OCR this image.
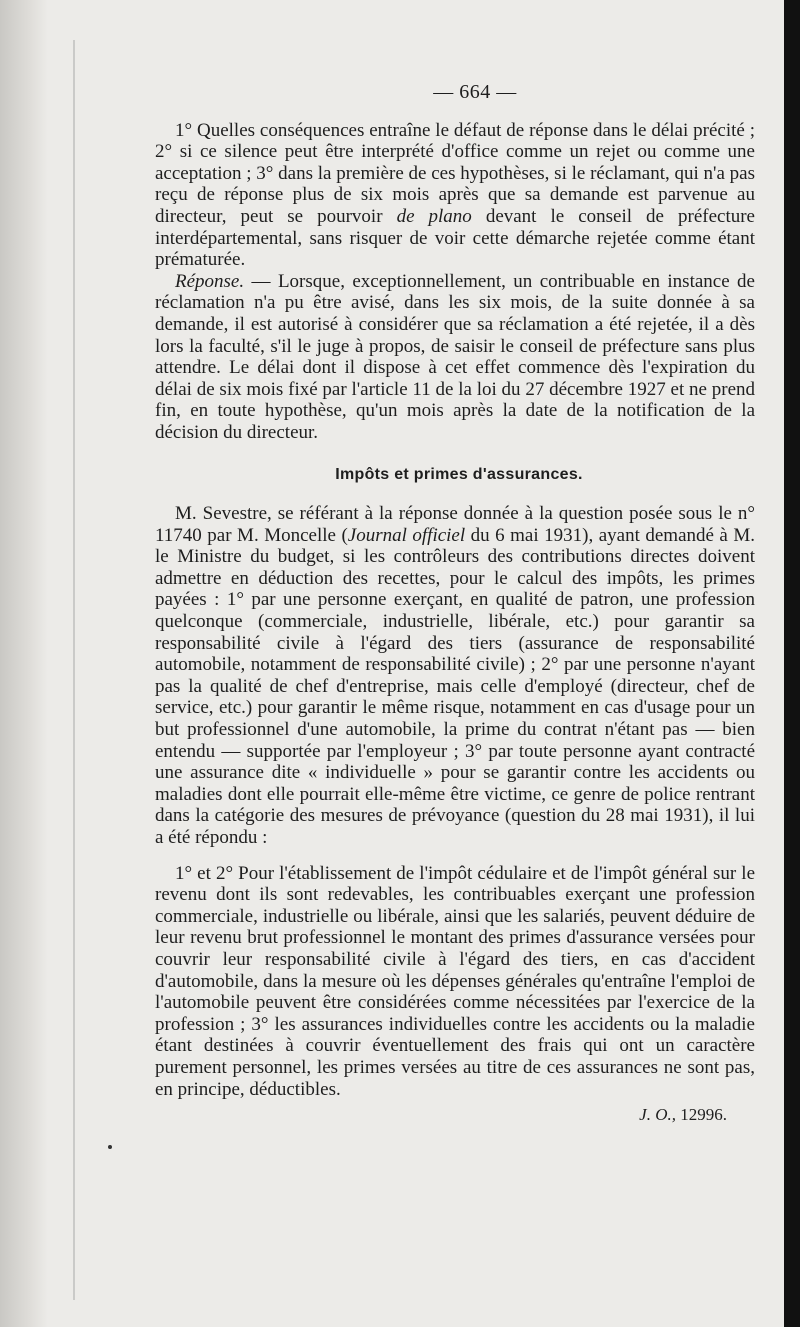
— 664 —

1° Quelles conséquences entraîne le défaut de réponse dans le délai précité ; 2° si ce silence peut être interprété d'office comme un rejet ou comme une acceptation ; 3° dans la première de ces hypothèses, si le réclamant, qui n'a pas reçu de réponse plus de six mois après que sa demande est parvenue au directeur, peut se pourvoir de plano devant le conseil de préfecture interdépartemental, sans risquer de voir cette démarche rejetée comme étant prématurée.

Réponse. — Lorsque, exceptionnellement, un contribuable en instance de réclamation n'a pu être avisé, dans les six mois, de la suite donnée à sa demande, il est autorisé à considérer que sa réclamation a été rejetée, il a dès lors la faculté, s'il le juge à propos, de saisir le conseil de préfecture sans plus attendre. Le délai dont il dispose à cet effet commence dès l'expiration du délai de six mois fixé par l'article 11 de la loi du 27 décembre 1927 et ne prend fin, en toute hypothèse, qu'un mois après la date de la notification de la décision du directeur.

Impôts et primes d'assurances.

M. Sevestre, se référant à la réponse donnée à la question posée sous le n° 11740 par M. Moncelle (Journal officiel du 6 mai 1931), ayant demandé à M. le Ministre du budget, si les contrôleurs des contributions directes doivent admettre en déduction des recettes, pour le calcul des impôts, les primes payées : 1° par une personne exerçant, en qualité de patron, une profession quelconque (commerciale, industrielle, libérale, etc.) pour garantir sa responsabilité civile à l'égard des tiers (assurance de responsabilité automobile, notamment de responsabilité civile) ; 2° par une personne n'ayant pas la qualité de chef d'entreprise, mais celle d'employé (directeur, chef de service, etc.) pour garantir le même risque, notamment en cas d'usage pour un but professionnel d'une automobile, la prime du contrat n'étant pas — bien entendu — supportée par l'employeur ; 3° par toute personne ayant contracté une assurance dite « individuelle » pour se garantir contre les accidents ou maladies dont elle pourrait elle-même être victime, ce genre de police rentrant dans la catégorie des mesures de prévoyance (question du 28 mai 1931), il lui a été répondu :

1° et 2° Pour l'établissement de l'impôt cédulaire et de l'impôt général sur le revenu dont ils sont redevables, les contribuables exerçant une profession commerciale, industrielle ou libérale, ainsi que les salariés, peuvent déduire de leur revenu brut professionnel le montant des primes d'assurance versées pour couvrir leur responsabilité civile à l'égard des tiers, en cas d'accident d'automobile, dans la mesure où les dépenses générales qu'entraîne l'emploi de l'automobile peuvent être considérées comme nécessitées par l'exercice de la profession ; 3° les assurances individuelles contre les accidents ou la maladie étant destinées à couvrir éventuellement des frais qui ont un caractère purement personnel, les primes versées au titre de ces assurances ne sont pas, en principe, déductibles.

J. O., 12996.
